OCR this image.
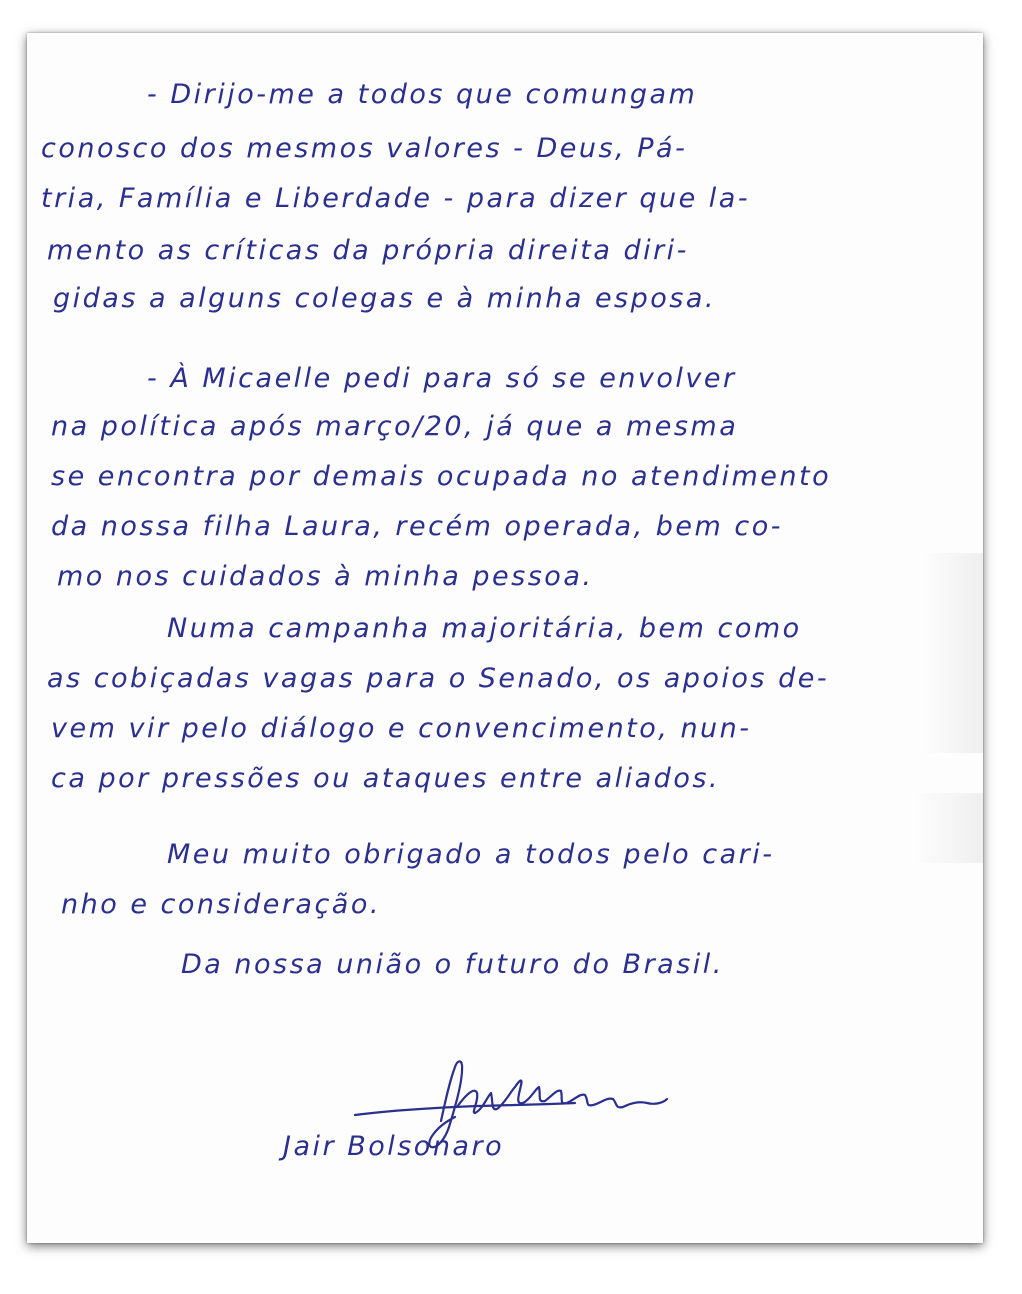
- Dirijo-me a todos que comungam
conosco dos mesmos valores - Deus, Pá-
tria, Família e Liberdade - para dizer que la-
mento as críticas da própria direita diri-
gidas a alguns colegas e à minha esposa.
- À Micaelle pedi para só se envolver
na política após março/20, já que a mesma
se encontra por demais ocupada no atendimento
da nossa filha Laura, recém operada, bem co-
mo nos cuidados à minha pessoa.
Numa campanha majoritária, bem como
as cobiçadas vagas para o Senado, os apoios de-
vem vir pelo diálogo e convencimento, nun-
ca por pressões ou ataques entre aliados.
Meu muito obrigado a todos pelo cari-
nho e consideração.
Da nossa união o futuro do Brasil.
Jair Bolsonaro
